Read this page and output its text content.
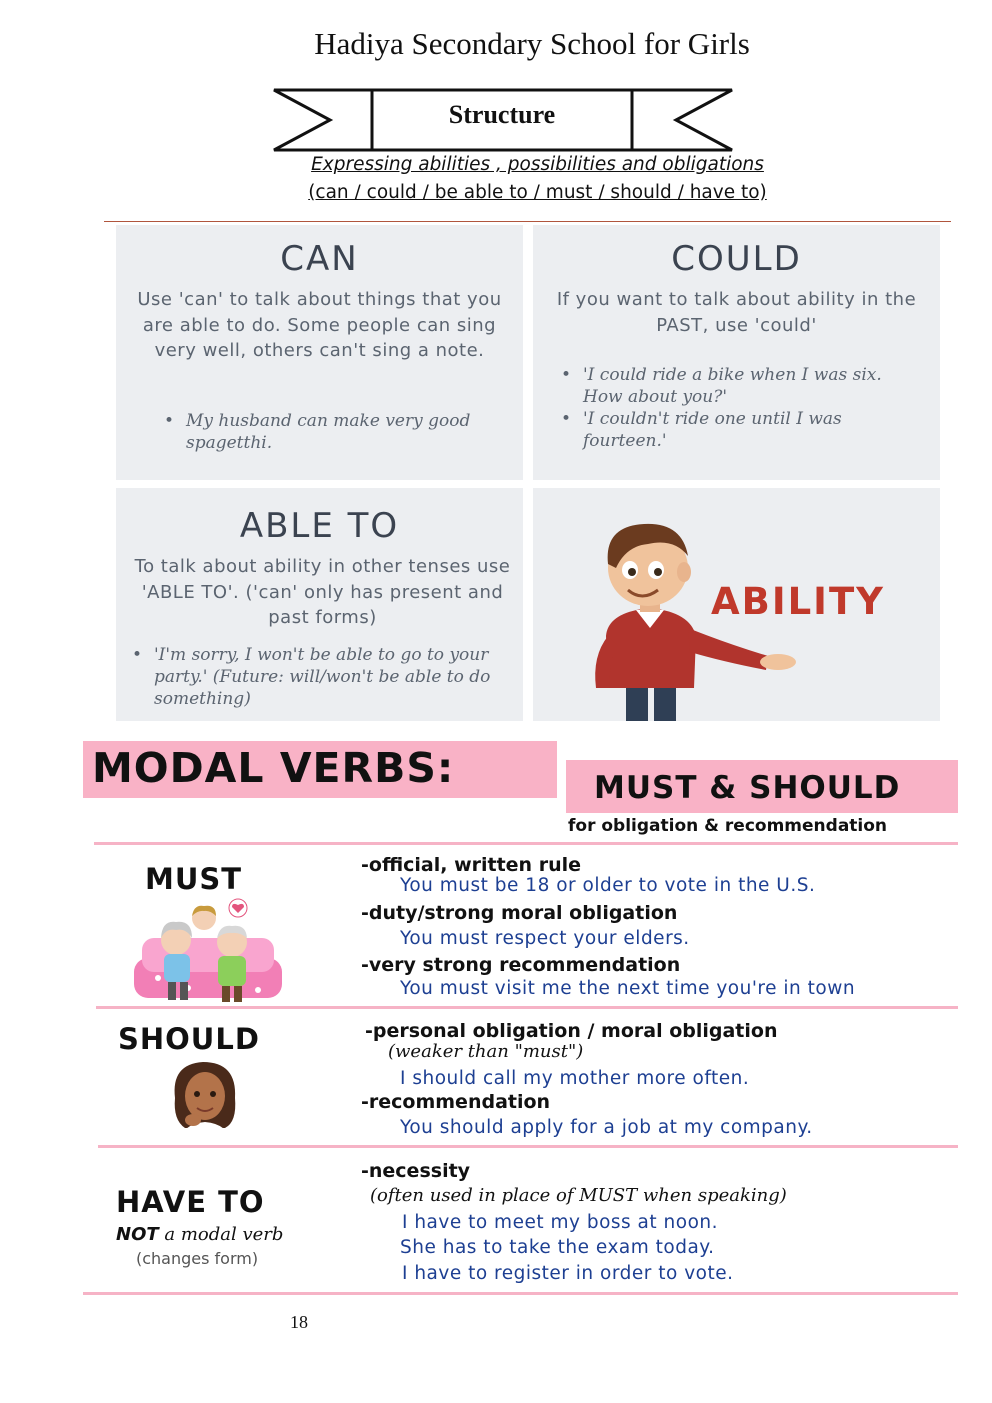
Hadiya Secondary School for Girls
Structure
Expressing abilities , possibilities and obligations
(can / could / be able to / must / should / have to)
CAN
Use 'can' to talk about things that you are able to do. Some people can sing very well, others can't sing a note.
• My husband can make very good spagetthi.
COULD
If you want to talk about ability in the PAST, use 'could'
• 'I could ride a bike when I was six. How about you?'
• 'I couldn't ride one until I was fourteen.'
ABLE TO
To talk about ability in other tenses use 'ABLE TO'. ('can' only has present and past forms)
• 'I'm sorry, I won't be able to go to your party.' (Future: will/won't be able to do something)
ABILITY
MODAL VERBS:	MUST & SHOULD
for obligation & recommendation
MUST	-official, written rule
You must be 18 or older to vote in the U.S.
-duty/strong moral obligation
You must respect your elders.
-very strong recommendation
You must visit me the next time you're in town
SHOULD	-personal obligation / moral obligation
(weaker than "must")
I should call my mother more often.
-recommendation
You should apply for a job at my company.
HAVE TO
NOT a modal verb
(changes form)
-necessity
(often used in place of MUST when speaking)
I have to meet my boss at noon.
She has to take the exam today.
I have to register in order to vote.
18
